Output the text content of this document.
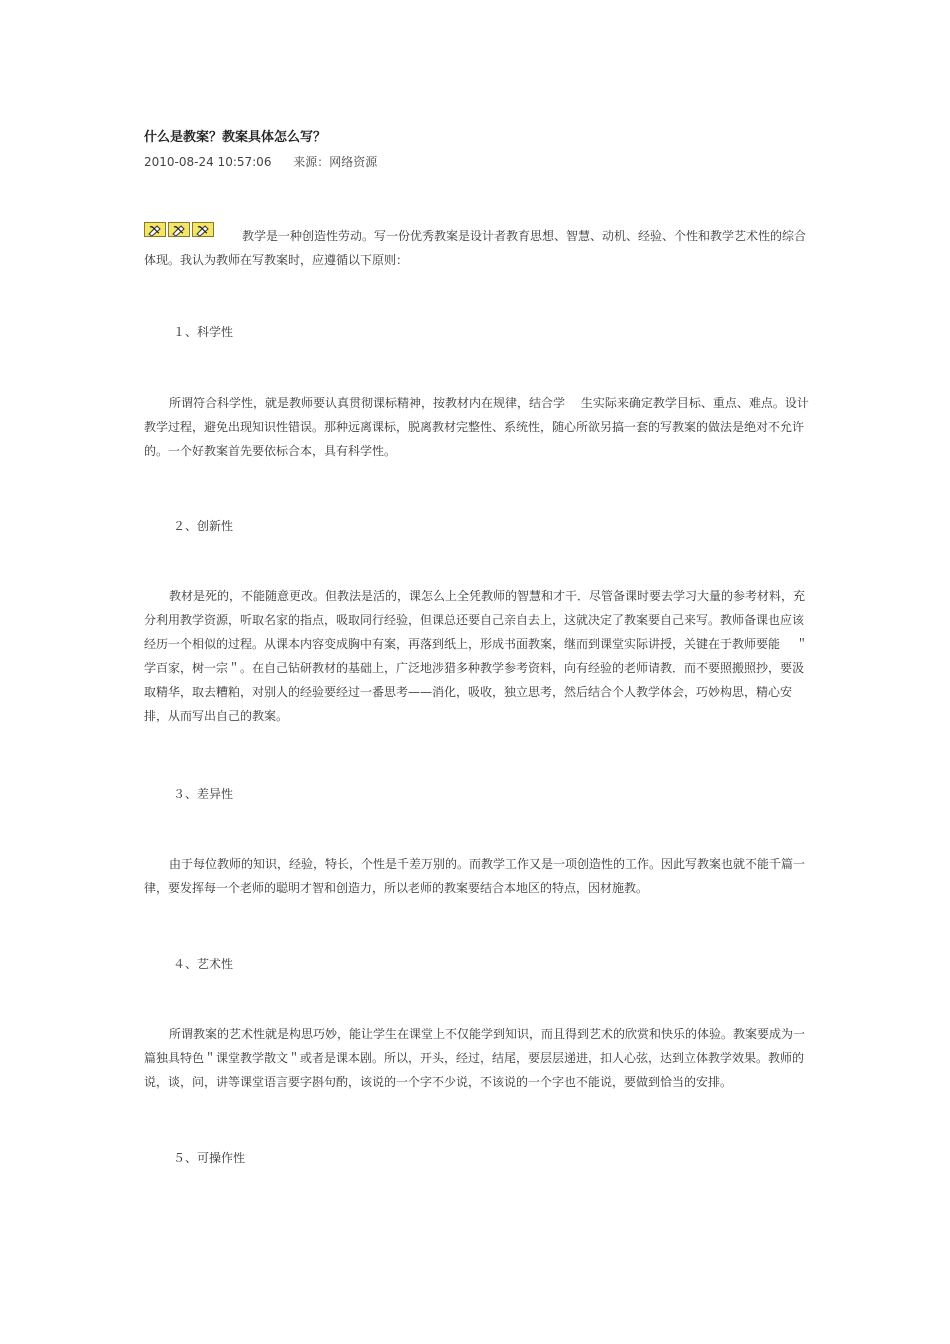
什么是教案？教案具体怎么写？
2010-08-24 10:57:06 来源：网络资源

教学是一种创造性劳动。写一份优秀教案是设计者教育思想、智慧、动机、经验、个性和教学艺术性的综合体现。我认为教师在写教案时，应遵循以下原则：

１、科学性

所谓符合科学性，就是教师要认真贯彻课标精神，按教材内在规律，结合学　 生实际来确定教学目标、重点、难点。设计教学过程，避免出现知识性错误。那种远离课标，脱离教材完整性、系统性，随心所欲另搞一套的写教案的做法是绝对不允许的。一个好教案首先要依标合本，具有科学性。

２、创新性

教材是死的，不能随意更改。但教法是活的，课怎么上全凭教师的智慧和才干．尽管备课时要去学习大量的参考材料，充分利用教学资源，听取名家的指点，吸取同行经验，但课总还要自己亲自去上，这就决定了教案要自己来写。教师备课也应该经历一个相似的过程。从课本内容变成胸中有案，再落到纸上，形成书面教案，继而到课堂实际讲授，关键在于教师要能　 ＂学百家，树一宗＂。在自己钻研教材的基础上，广泛地涉猎多种教学参考资料，向有经验的老师请教．而不要照搬照抄，要汲取精华，取去糟粕，对别人的经验要经过一番思考——消化，吸收，独立思考，然后结合个人教学体会，巧妙构思，精心安排，从而写出自己的教案。

３、差异性

由于每位教师的知识，经验，特长，个性是千差万别的。而教学工作又是一项创造性的工作。因此写教案也就不能千篇一律，要发挥每一个老师的聪明才智和创造力，所以老师的教案要结合本地区的特点，因材施教。

４、艺术性

所谓教案的艺术性就是构思巧妙，能让学生在课堂上不仅能学到知识，而且得到艺术的欣赏和快乐的体验。教案要成为一篇独具特色＂课堂教学散文＂或者是课本剧。所以，开头，经过，结尾，要层层递进，扣人心弦，达到立体教学效果。教师的说，谈，问，讲等课堂语言要字斟句酌，该说的一个字不少说，不该说的一个字也不能说，要做到恰当的安排。

５、可操作性
